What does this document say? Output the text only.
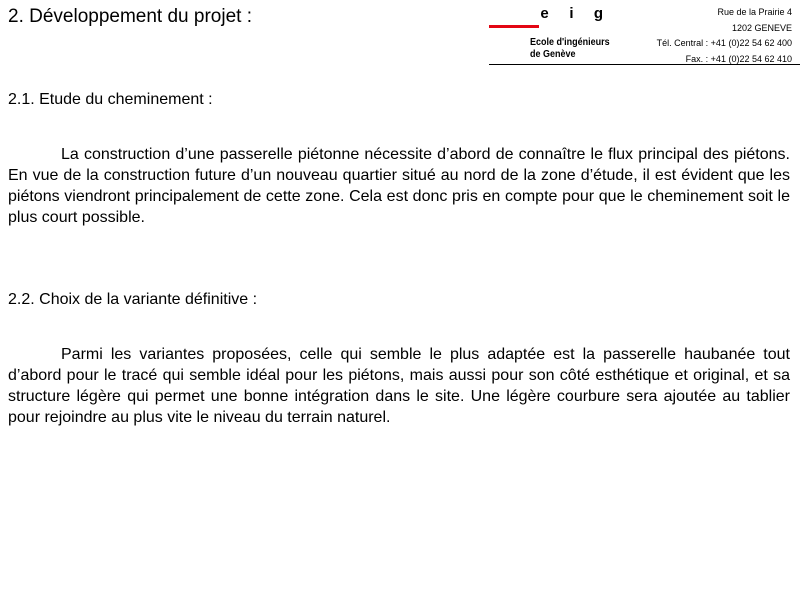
2. Développement du projet :	e i g
Ecole d'ingénieurs
de Genève
Rue de la Prairie 4
1202 GENEVE
Tél. Central : +41 (0)22 54 62 400
Fax. : +41 (0)22 54 62 410
2.1. Etude du cheminement :

La construction d’une passerelle piétonne nécessite d’abord de connaître le flux principal des piétons. En vue de la construction future d’un nouveau quartier situé au nord de la zone d’étude, il est évident que les piétons viendront principalement de cette zone. Cela est donc pris en compte pour que le cheminement soit le plus court possible.

2.2. Choix de la variante définitive :

Parmi les variantes proposées, celle qui semble le plus adaptée est la passerelle haubanée tout d’abord pour le tracé qui semble idéal pour les piétons, mais aussi pour son côté esthétique et original, et sa structure légère qui permet une bonne intégration dans le site. Une légère courbure sera ajoutée au tablier pour rejoindre au plus vite le niveau du terrain naturel.
